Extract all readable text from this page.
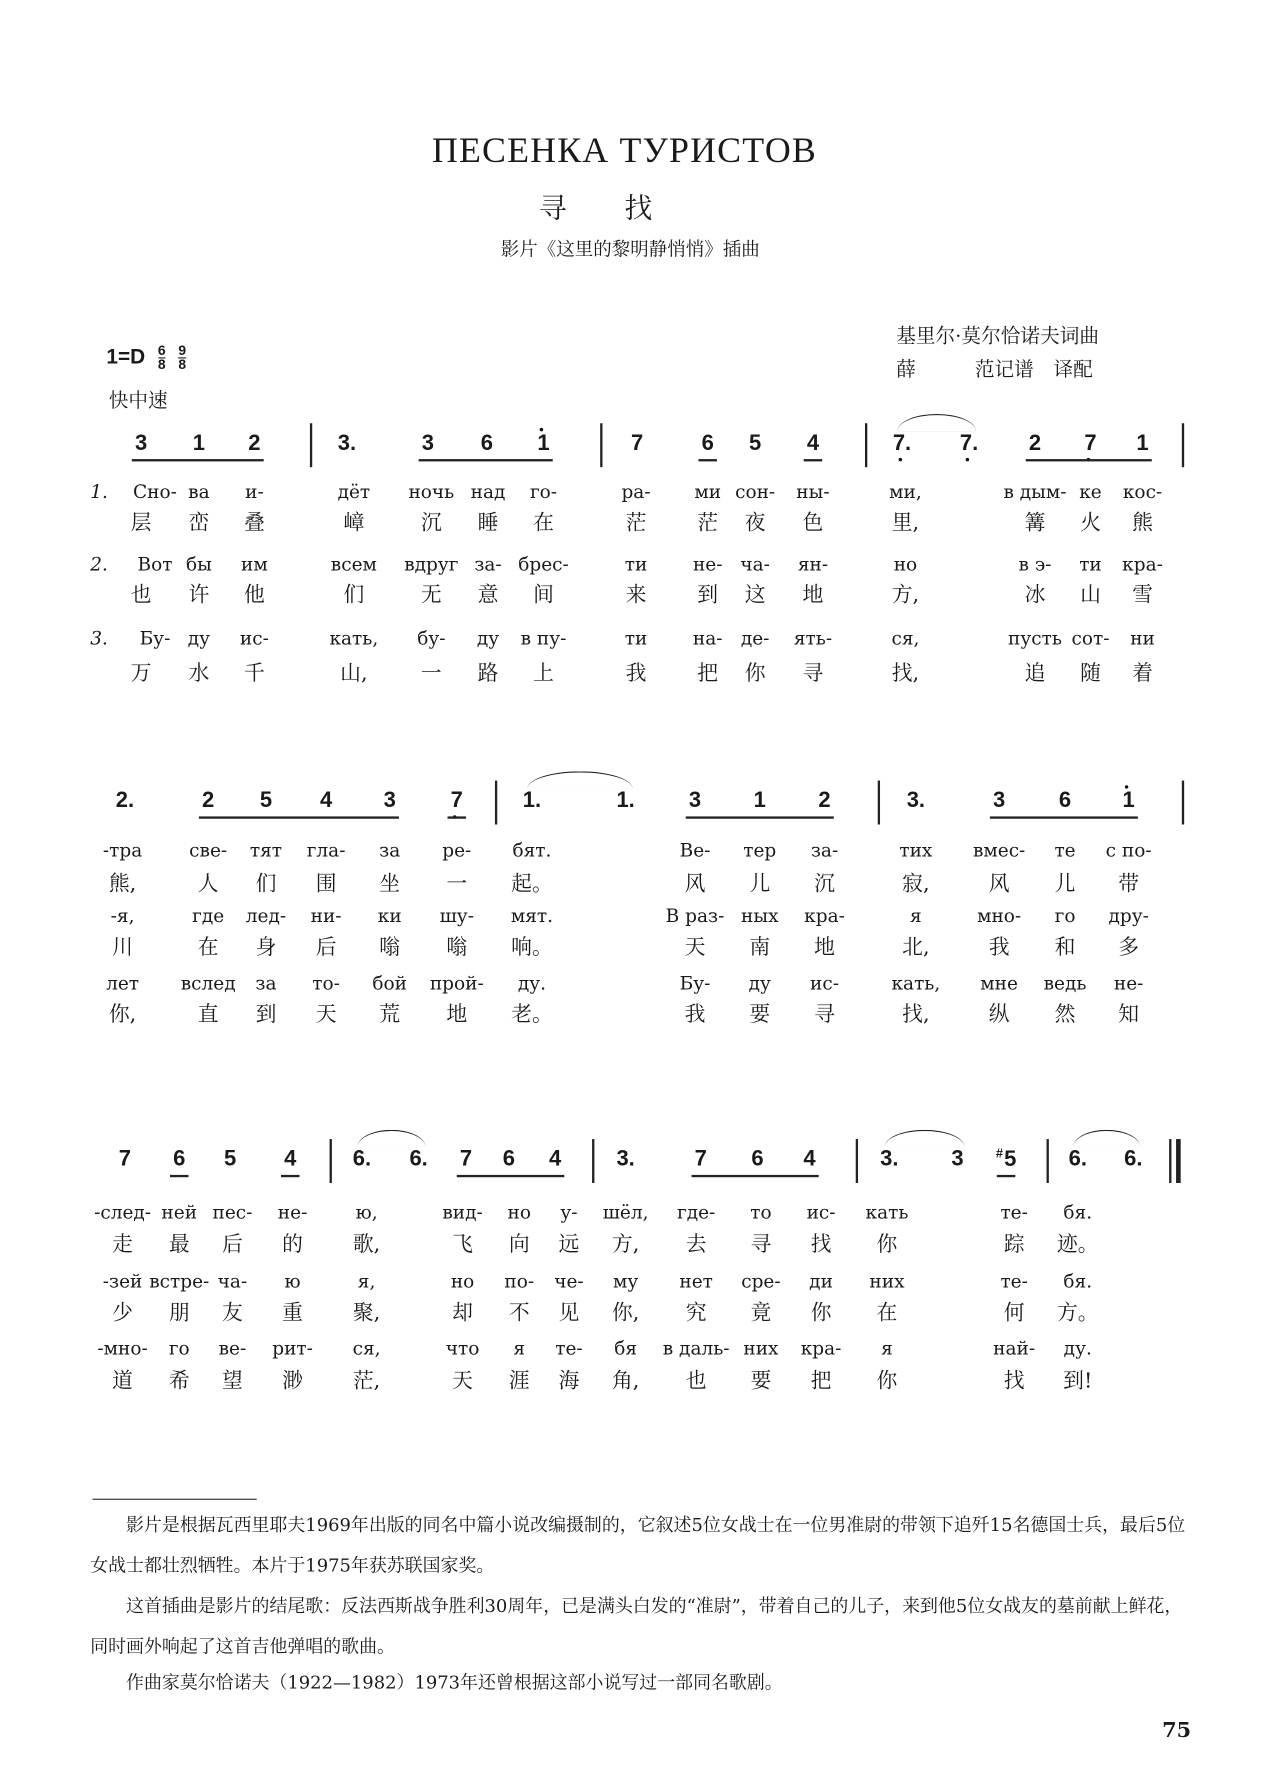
ПЕСЕНКА ТУРИСТОВ
寻找
影片《这里的黎明静悄悄》插曲
基里尔·莫尔恰诺夫词曲
薛　　　范记谱　译配
$1=D \frac{6}{8}$
$\frac{9}{8}$
快中速
3 1 2	3.	3 6 1	7	6 5 4	7.	7.	2 7 1
1. Сно- ва и-	дёт ночь над го-	ра-	ми сон- ны-	ми,	в дым- ке кос-
层 峦 叠	嶂	沉 睡 在	茫	茫 夜 色	里,	篝 火 熊
2. Вот бы им	всем вдруг за- брес-	ти	не- ча- ян-	но	в э- ти кра-
也 许 他	们	无 意 间	来	到 这 地	方,	冰 山 雪
3. Бу- ду ис-	кать, бу- ду в пу-	ти	на- де- ять-	ся,	пусть сот- ни
万 水 千	山,	一 路 上	我	把 你 寻	找,	追 随 着
2.	2 5	4	3	7	1.	1.	3	1	2	3.	3	6	1
-тра	све- тят гла- за	ре-	бят.	Ве- тер за-	тих	вмес- те с по-
熊,	人 们 围 坐	一 起。	风 儿 沉	寂,	风	儿 带
-я,	где лед- ни- ки шу- мят.	В раз- ных кра-	я	мно- го дру-
川	在 身 后 嗡	嗡 响。	天 南 地	北,	我	和 多
лет	вслед за то- бой прой- ду.	Бу- ду ис-	кать,	мне ведь не-
你,	直 到 天 荒	地 老。	我 要 寻	找,	纵	然 知
7 6 5	4	6. 6. 7 6 4	3.	7 6 4	3.	3	#5	6. 6.
-след- ней пес- не-	ю,	вид- но у- шёл, где- то ис- кать	те- бя.
走 最 后 的	歌,	飞 向 远 方,	去 寻 找	你	踪 迹。
-зей встре- ча- ю	я,	но по- че- му	нет сре- ди них	те- бя.
少 朋 友 重	聚,	却 不 见 你,	究 竟 你	在	何 方。
-мно- го ве- рит- ся,	что я те- бя в даль- них кра- я	най- ду.
道 希 望 渺	茫,	天 涯 海 角,	也 要 把	你	找 到!
影片是根据瓦西里耶夫1969年出版的同名中篇小说改编摄制的，它叙述5位女战士在一位男准尉的带领下追歼15名德国士兵，最后5位女战士都壮烈牺牲。本片于1975年获苏联国家奖。
这首插曲是影片的结尾歌：反法西斯战争胜利30周年，已是满头白发的“准尉”，带着自己的儿子，来到他5位女战友的墓前献上鲜花，同时画外响起了这首吉他弹唱的歌曲。
作曲家莫尔恰诺夫（1922—1982）1973年还曾根据这部小说写过一部同名歌剧。
75
